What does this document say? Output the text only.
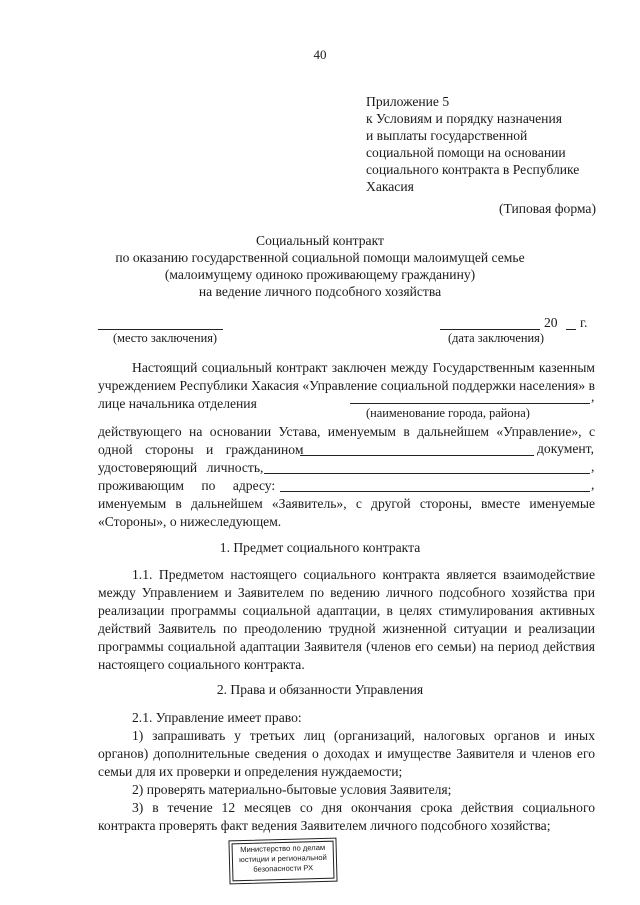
40
Приложение 5
к Условиям и порядку назначения
и выплаты государственной
социальной помощи на основании
социального контракта в Республике
Хакасия
(Типовая форма)
Социальный контракт
по оказанию государственной социальной помощи малоимущей семье
(малоимущему одиноко проживающему гражданину)
на ведение личного подсобного хозяйства
(место заключения)
20 г.
(дата заключения)
Настоящий социальный контракт заключен между Государственным казенным учреждением Республики Хакасия «Управление социальной поддержки населения» в лице начальника отделения	,
(наименование города, района)
действующего на основании Устава, именуемым в дальнейшем «Управление», с
одной стороны и гражданином	документ,
удостоверяющий личность,	,
проживающим по адресу:	,
именуемым в дальнейшем «Заявитель», с другой стороны, вместе именуемые
«Стороны», о нижеследующем.
1. Предмет социального контракта
1.1. Предметом настоящего социального контракта является взаимодействие между Управлением и Заявителем по ведению личного подсобного хозяйства при реализации программы социальной адаптации, в целях стимулирования активных действий Заявитель по преодолению трудной жизненной ситуации и реализации программы социальной адаптации Заявителя (членов его семьи) на период действия настоящего социального контракта.
2. Права и обязанности Управления
2.1. Управление имеет право:
1) запрашивать у третьих лиц (организаций, налоговых органов и иных органов) дополнительные сведения о доходах и имуществе Заявителя и членов его семьи для их проверки и определения нуждаемости;
2) проверять материально-бытовые условия Заявителя;
3) в течение 12 месяцев со дня окончания срока действия социального контракта проверять факт ведения Заявителем личного подсобного хозяйства;
Министерство по делам
юстиции и региональной
безопасности РХ
